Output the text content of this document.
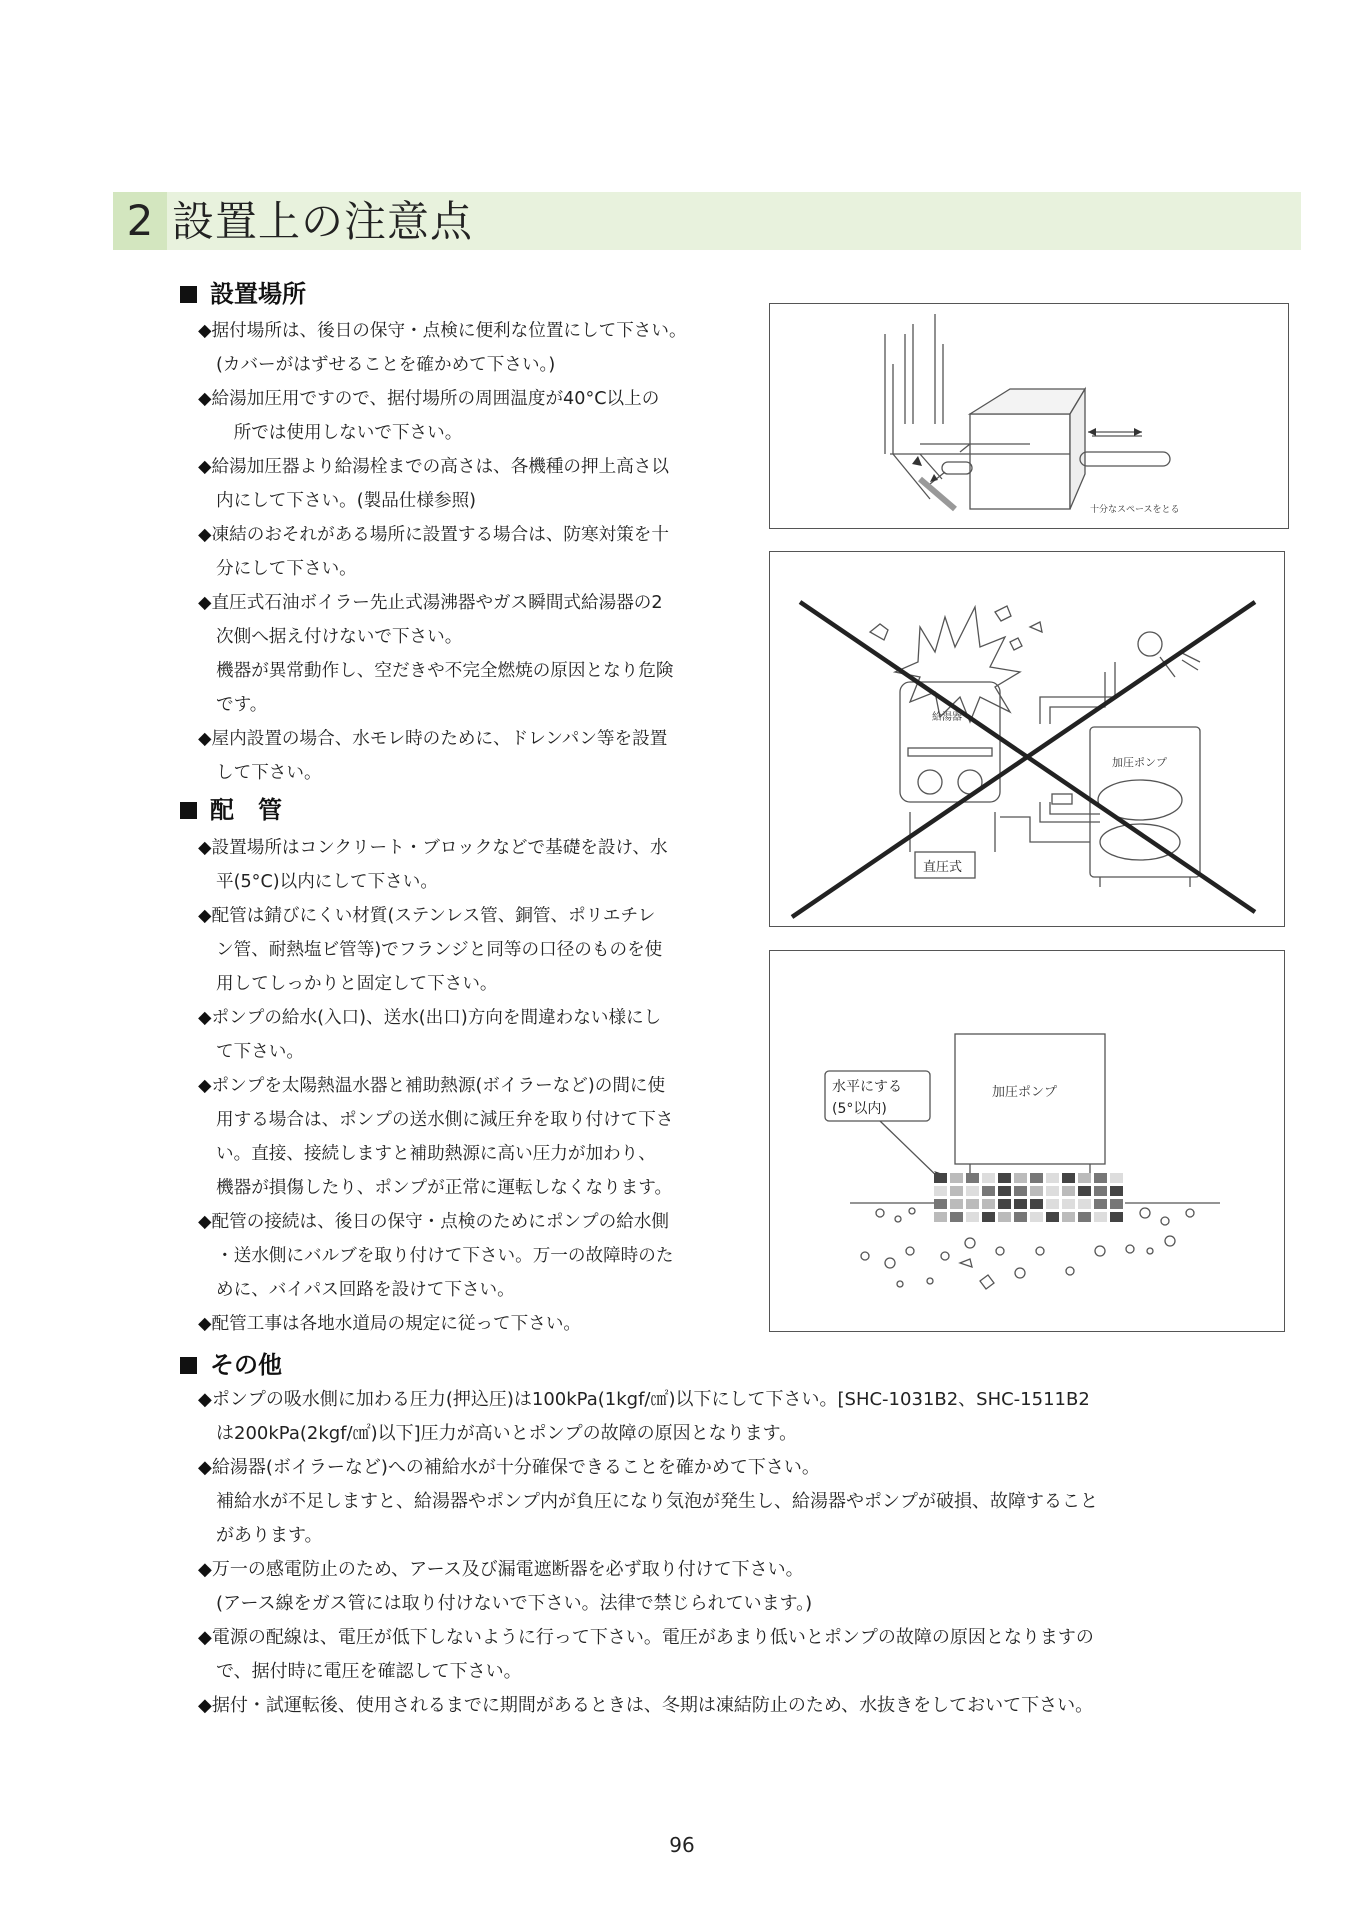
2 設置上の注意点
設置場所
◆据付場所は、後日の保守・点検に便利な位置にして下さい。
(カバーがはずせることを確かめて下さい。)
◆給湯加圧用ですので、据付場所の周囲温度が40°C以上の
　所では使用しないで下さい。
◆給湯加圧器より給湯栓までの高さは、各機種の押上高さ以
内にして下さい。(製品仕様参照)
◆凍結のおそれがある場所に設置する場合は、防寒対策を十
分にして下さい。
◆直圧式石油ボイラー先止式湯沸器やガス瞬間式給湯器の2
次側へ据え付けないで下さい。
機器が異常動作し、空だきや不完全燃焼の原因となり危険
です。
◆屋内設置の場合、水モレ時のために、ドレンパン等を設置
して下さい。
配　管
◆設置場所はコンクリート・ブロックなどで基礎を設け、水
平(5°C)以内にして下さい。
◆配管は錆びにくい材質(ステンレス管、銅管、ポリエチレ
ン管、耐熱塩ビ管等)でフランジと同等の口径のものを使
用してしっかりと固定して下さい。
◆ポンプの給水(入口)、送水(出口)方向を間違わない様にし
て下さい。
◆ポンプを太陽熱温水器と補助熱源(ボイラーなど)の間に使
用する場合は、ポンプの送水側に減圧弁を取り付けて下さ
い。直接、接続しますと補助熱源に高い圧力が加わり、
機器が損傷したり、ポンプが正常に運転しなくなります。
◆配管の接続は、後日の保守・点検のためにポンプの給水側
・送水側にバルブを取り付けて下さい。万一の故障時のた
めに、バイパス回路を設けて下さい。
◆配管工事は各地水道局の規定に従って下さい。
その他
◆ポンプの吸水側に加わる圧力(押込圧)は100kPa(1kgf/㎠)以下にして下さい。[SHC-1031B2、SHC-1511B2
は200kPa(2kgf/㎠)以下]圧力が高いとポンプの故障の原因となります。
◆給湯器(ボイラーなど)への補給水が十分確保できることを確かめて下さい。
補給水が不足しますと、給湯器やポンプ内が負圧になり気泡が発生し、給湯器やポンプが破損、故障すること
があります。
◆万一の感電防止のため、アース及び漏電遮断器を必ず取り付けて下さい。
(アース線をガス管には取り付けないで下さい。法律で禁じられています。)
◆電源の配線は、電圧が低下しないように行って下さい。電圧があまり低いとポンプの故障の原因となりますの
で、据付時に電圧を確認して下さい。
◆据付・試運転後、使用されるまでに期間があるときは、冬期は凍結防止のため、水抜きをしておいて下さい。
十分なスペースをとる
給湯器
加圧ポンプ
直圧式
水平にする
(5°以内)
加圧ポンプ
96
